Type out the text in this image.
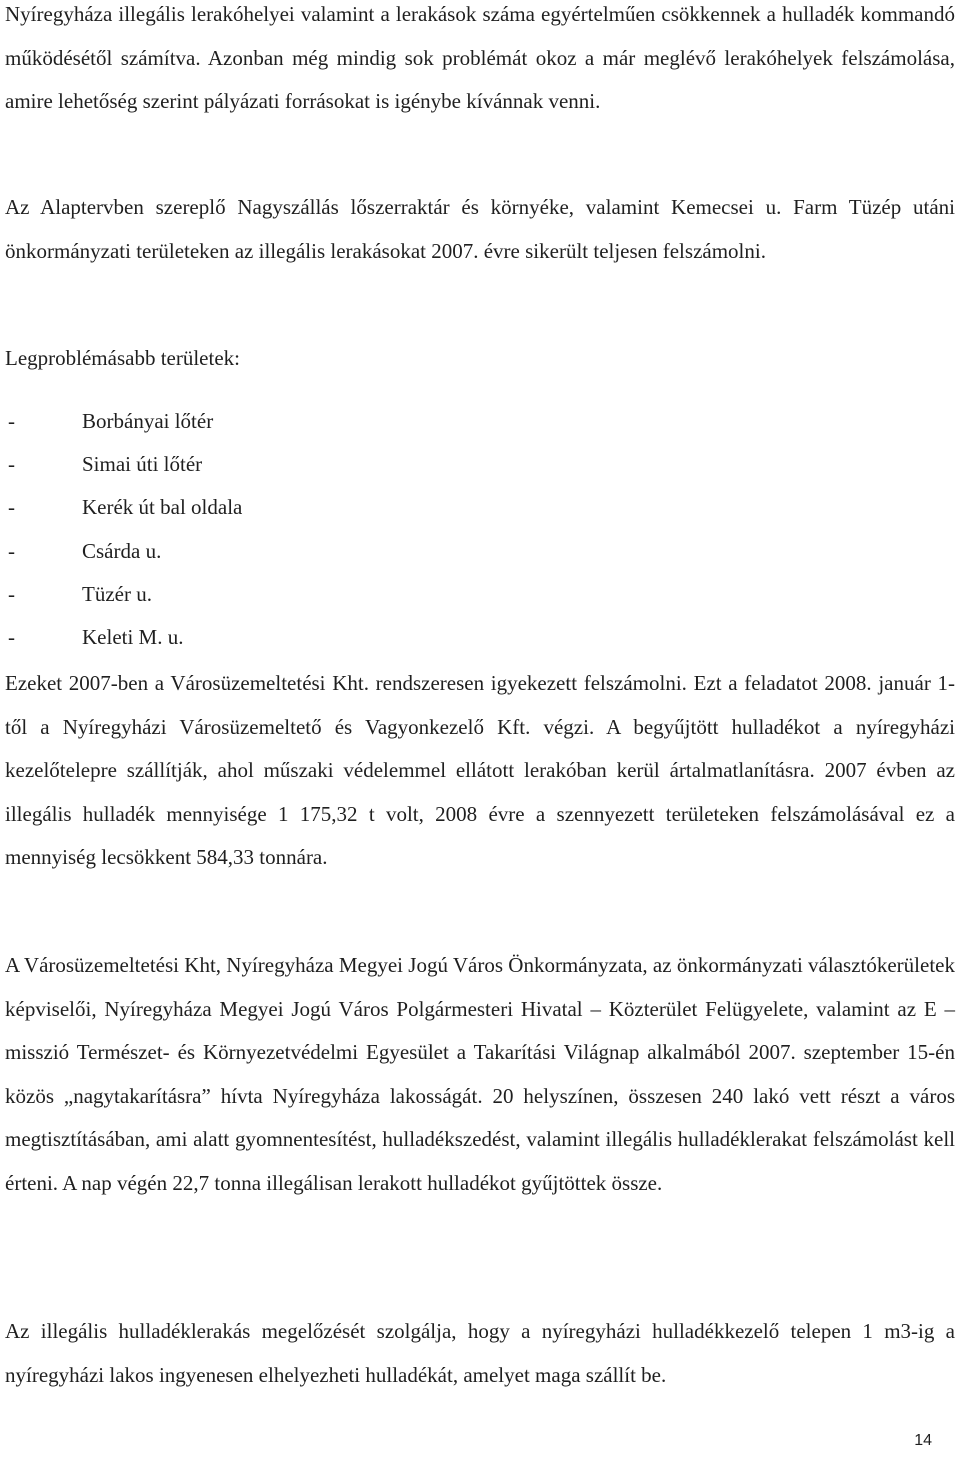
Nyíregyháza illegális lerakóhelyei valamint a lerakások száma egyértelműen csökkennek a hulladék kommandó működésétől számítva. Azonban még mindig sok problémát okoz a már meglévő lerakóhelyek felszámolása, amire lehetőség szerint pályázati forrásokat is igénybe kívánnak venni.

Az Alaptervben szereplő Nagyszállás lőszerraktár és környéke, valamint Kemecsei u. Farm Tüzép utáni önkormányzati területeken az illegális lerakásokat 2007. évre sikerült teljesen felszámolni.

Legproblémásabb területek:

-	Borbányai lőtér
-	Simai úti lőtér
-	Kerék út bal oldala
-	Csárda u.
-	Tüzér u.
-	Keleti M. u.

Ezeket 2007-ben a Városüzemeltetési Kht. rendszeresen igyekezett felszámolni. Ezt a feladatot 2008. január 1-től a Nyíregyházi Városüzemeltető és Vagyonkezelő Kft. végzi. A begyűjtött hulladékot a nyíregyházi kezelőtelepre szállítják, ahol műszaki védelemmel ellátott lerakóban kerül ártalmatlanításra. 2007 évben az illegális hulladék mennyisége 1 175,32 t volt, 2008 évre a szennyezett területeken felszámolásával ez a mennyiség lecsökkent 584,33 tonnára.

A Városüzemeltetési Kht, Nyíregyháza Megyei Jogú Város Önkormányzata, az önkormányzati választókerületek képviselői, Nyíregyháza Megyei Jogú Város Polgármesteri Hivatal – Közterület Felügyelete, valamint az E – misszió Természet- és Környezetvédelmi Egyesület a Takarítási Világnap alkalmából 2007. szeptember 15-én közös „nagytakarításra” hívta Nyíregyháza lakosságát. 20 helyszínen, összesen 240 lakó vett részt a város megtisztításában, ami alatt gyomnentesítést, hulladékszedést, valamint illegális hulladéklerakat felszámolást kell érteni. A nap végén 22,7 tonna illegálisan lerakott hulladékot gyűjtöttek össze.

Az illegális hulladéklerakás megelőzését szolgálja, hogy a nyíregyházi hulladékkezelő telepen 1 m3-ig a nyíregyházi lakos ingyenesen elhelyezheti hulladékát, amelyet maga szállít be.

14
